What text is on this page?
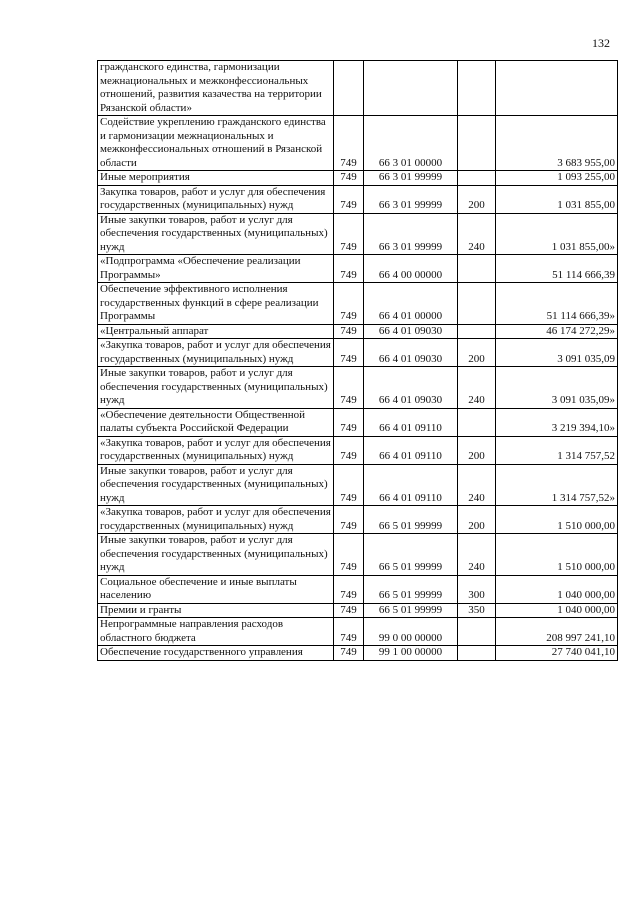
132
гражданского единства, гармонизации межнациональных и межконфессиональных отношений, развития казачества на территории Рязанской области»				
Содействие укреплению гражданского единства и гармонизации межнациональных и межконфессиональных отношений в Рязанской области	749	66 3 01 00000		3 683 955,00
Иные мероприятия	749	66 3 01 99999		1 093 255,00
Закупка товаров, работ и услуг для обеспечения государственных (муниципальных) нужд	749	66 3 01 99999	200	1 031 855,00
Иные закупки товаров, работ и услуг для обеспечения государственных (муниципальных) нужд	749	66 3 01 99999	240	1 031 855,00»
«Подпрограмма «Обеспечение реализации Программы»	749	66 4 00 00000		51 114 666,39
Обеспечение эффективного исполнения государственных функций в сфере реализации Программы	749	66 4 01 00000		51 114 666,39»
«Центральный аппарат	749	66 4 01 09030		46 174 272,29»
«Закупка товаров, работ и услуг для обеспечения государственных (муниципальных) нужд	749	66 4 01 09030	200	3 091 035,09
Иные закупки товаров, работ и услуг для обеспечения государственных (муниципальных) нужд	749	66 4 01 09030	240	3 091 035,09»
«Обеспечение деятельности Общественной палаты субъекта Российской Федерации	749	66 4 01 09110		3 219 394,10»
«Закупка товаров, работ и услуг для обеспечения государственных (муниципальных) нужд	749	66 4 01 09110	200	1 314 757,52
Иные закупки товаров, работ и услуг для обеспечения государственных (муниципальных) нужд	749	66 4 01 09110	240	1 314 757,52»
«Закупка товаров, работ и услуг для обеспечения государственных (муниципальных) нужд	749	66 5 01 99999	200	1 510 000,00
Иные закупки товаров, работ и услуг для обеспечения государственных (муниципальных) нужд	749	66 5 01 99999	240	1 510 000,00
Социальное обеспечение и иные выплаты населению	749	66 5 01 99999	300	1 040 000,00
Премии и гранты	749	66 5 01 99999	350	1 040 000,00
Непрограммные направления расходов областного бюджета	749	99 0 00 00000		208 997 241,10
Обеспечение государственного управления	749	99 1 00 00000		27 740 041,10
